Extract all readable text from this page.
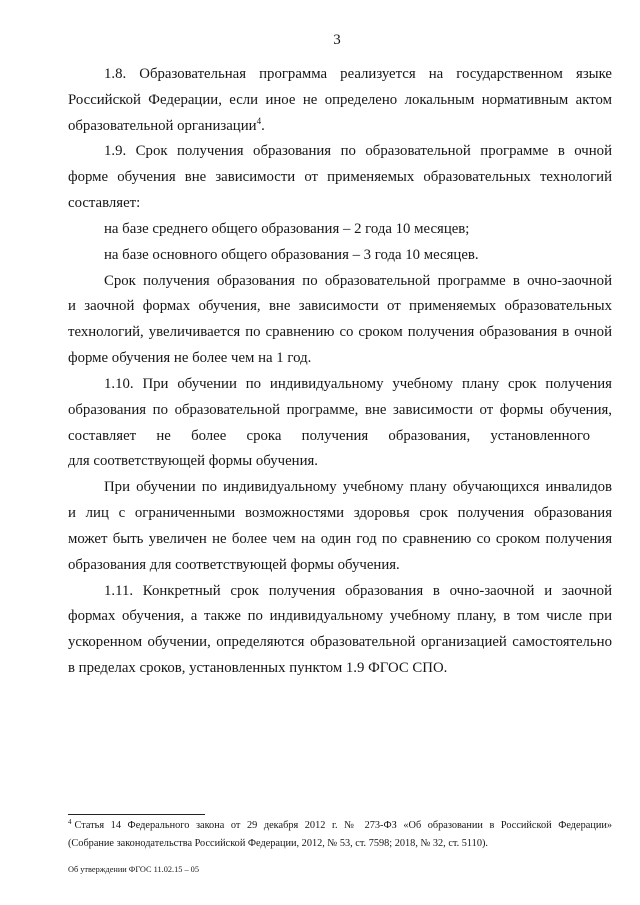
3
1.8. Образовательная программа реализуется на государственном языке
Российской Федерации, если иное не определено локальным нормативным актом
образовательной организации$^4$.
1.9. Срок получения образования по образовательной программе в очной
форме обучения вне зависимости от применяемых образовательных технологий
составляет:
на базе среднего общего образования – 2 года 10 месяцев;
на базе основного общего образования – 3 года 10 месяцев.
Срок получения образования по образовательной программе в очно-заочной
и заочной формах обучения, вне зависимости от применяемых образовательных
технологий, увеличивается по сравнению со сроком получения образования в очной
форме обучения не более чем на 1 год.
1.10. При обучении по индивидуальному учебному плану срок получения
образования по образовательной программе, вне зависимости от формы обучения,
составляет не более срока получения образования, установленного
для соответствующей формы обучения.
При обучении по индивидуальному учебному плану обучающихся инвалидов
и лиц с ограниченными возможностями здоровья срок получения образования
может быть увеличен не более чем на один год по сравнению со сроком получения
образования для соответствующей формы обучения.
1.11. Конкретный срок получения образования в очно-заочной и заочной
формах обучения, а также по индивидуальному учебному плану, в том числе при
ускоренном обучении, определяются образовательной организацией самостоятельно
в пределах сроков, установленных пунктом 1.9 ФГОС СПО.
$^4$ Статья 14 Федерального закона от 29 декабря 2012 г. № 273-ФЗ «Об образовании в Российской Федерации»
(Собрание законодательства Российской Федерации, 2012, № 53, ст. 7598; 2018, № 32, ст. 5110).
Об утверждении ФГОС 11.02.15 – 05
